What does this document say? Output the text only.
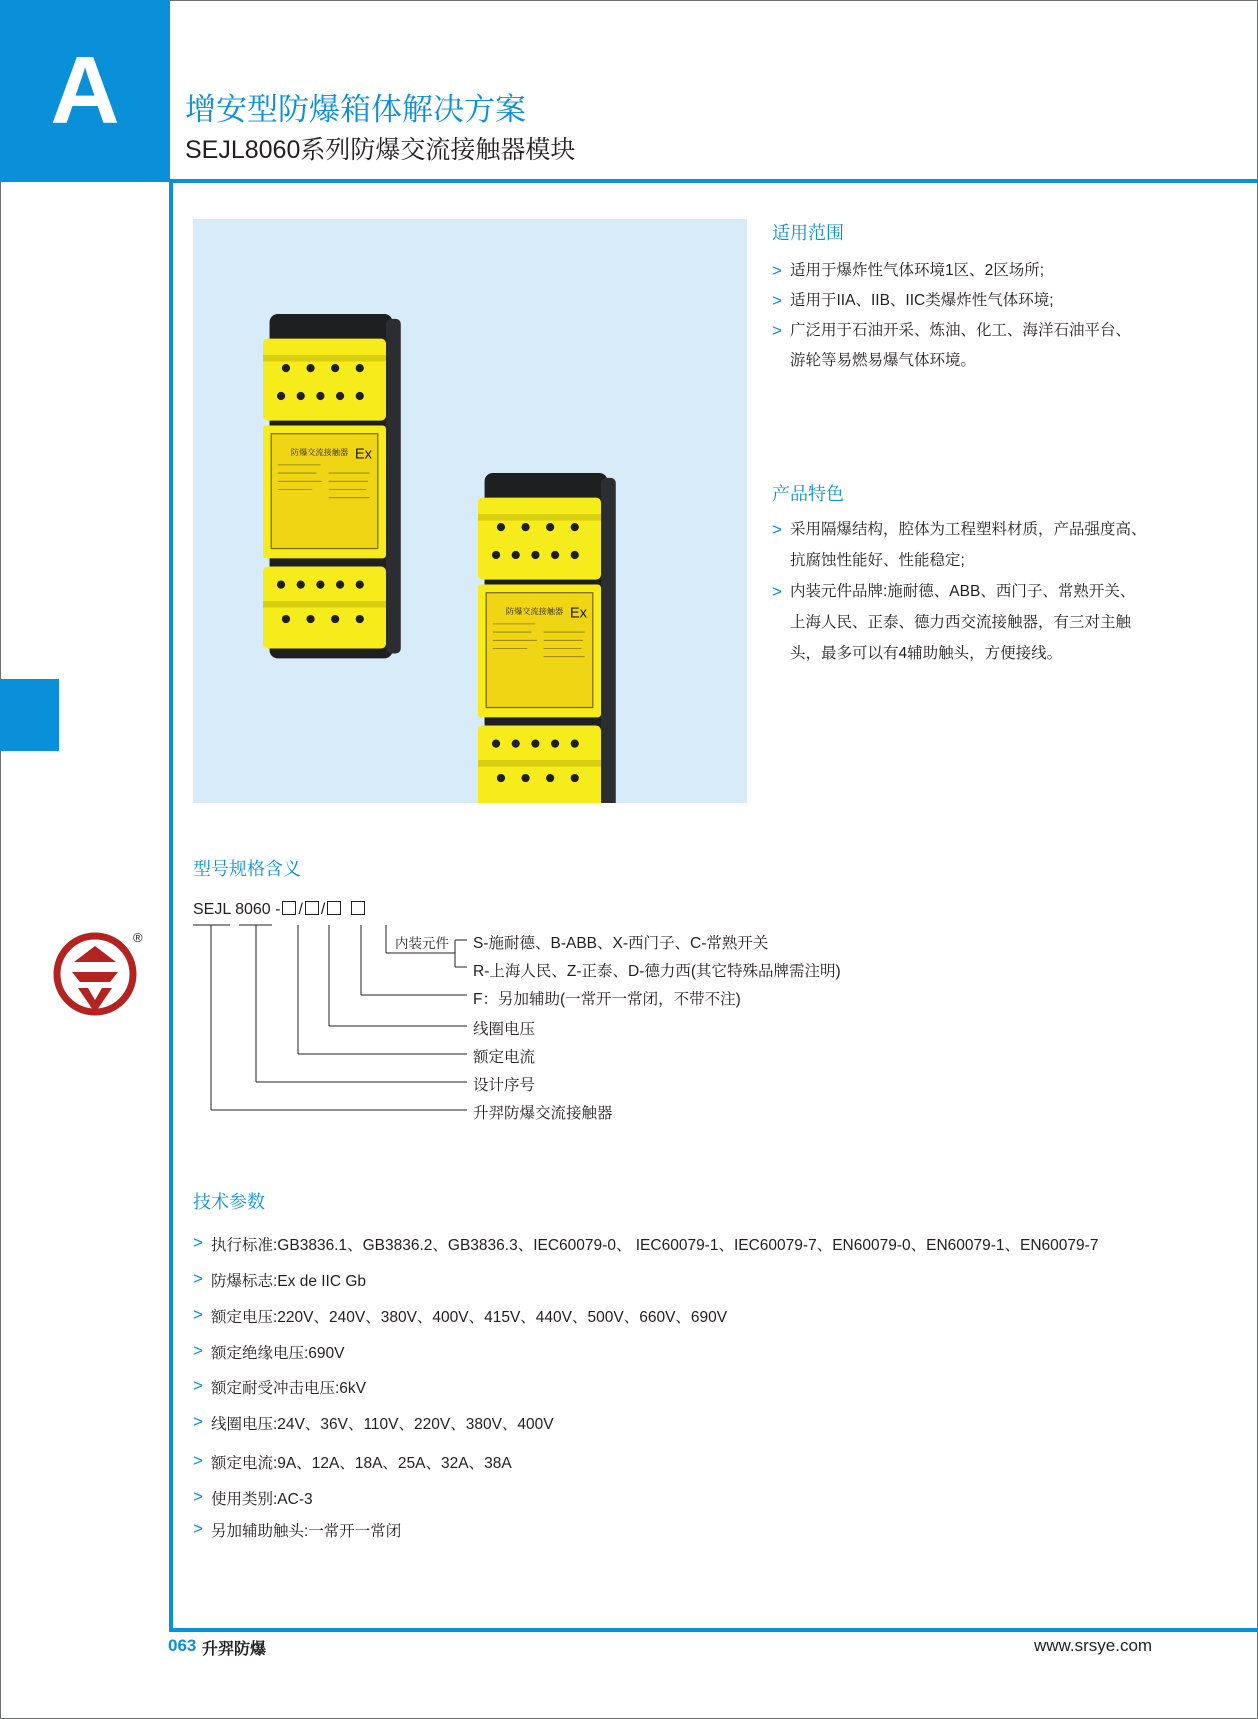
A	增安型防爆箱体解决方案
SEJL8060系列防爆交流接触器模块
防爆交流接触器 Ex
防爆交流接触器 Ex
适用范围
> 适用于爆炸性气体环境1区、2区场所;
> 适用于IIA、IIB、IIC类爆炸性气体环境;
> 广泛用于石油开采、炼油、化工、海洋石油平台、
游轮等易燃易爆气体环境。
产品特色
> 采用隔爆结构，腔体为工程塑料材质，产品强度高、
抗腐蚀性能好、性能稳定;
> 内装元件品牌:施耐德、ABB、西门子、常熟开关、
上海人民、正泰、德力西交流接触器，有三对主触
头，最多可以有4辅助触头，方便接线。
型号规格含义
SEJL 8060 - / /
内装元件 S-施耐德、B-ABB、X-西门子、C-常熟开关
R-上海人民、Z-正泰、D-德力西(其它特殊品牌需注明)
F：另加辅助(一常开一常闭，不带不注)
线圈电压
额定电流
设计序号
升羿防爆交流接触器
®
技术参数
> 执行标准:GB3836.1、GB3836.2、GB3836.3、IEC60079-0、 IEC60079-1、IEC60079-7、EN60079-0、EN60079-1、EN60079-7
> 防爆标志:Ex de IIC Gb
> 额定电压:220V、240V、380V、400V、415V、440V、500V、660V、690V
> 额定绝缘电压:690V
> 额定耐受冲击电压:6kV
> 线圈电压:24V、36V、110V、220V、380V、400V
> 额定电流:9A、12A、18A、25A、32A、38A
> 使用类别:AC-3
> 另加辅助触头:一常开一常闭
063 升羿防爆	www.srsye.com
